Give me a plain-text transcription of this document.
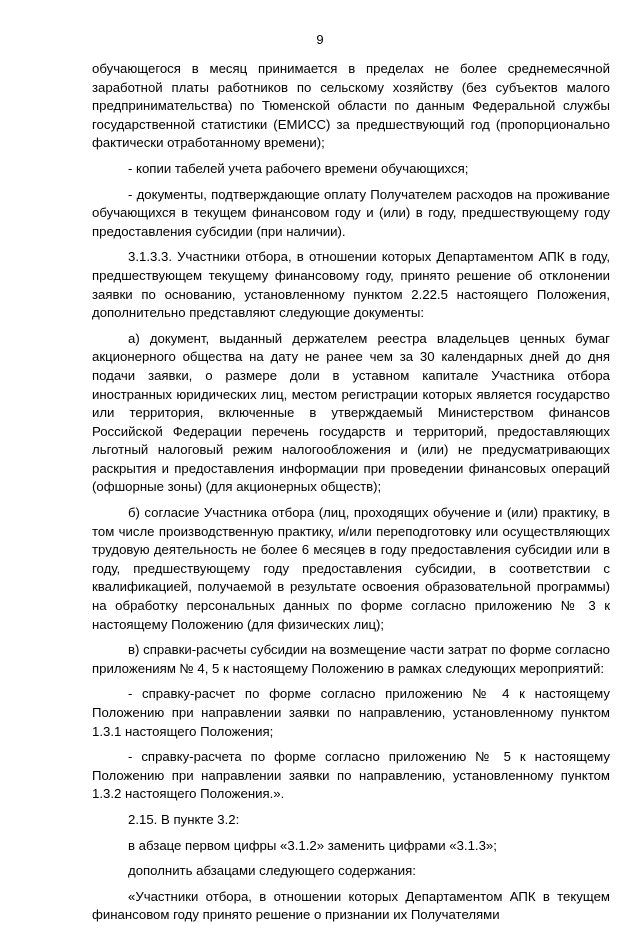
9

обучающегося в месяц принимается в пределах не более среднемесячной заработной платы работников по сельскому хозяйству (без субъектов малого предпринимательства) по Тюменской области по данным Федеральной службы государственной статистики (ЕМИСС) за предшествующий год (пропорционально фактически отработанному времени);

- копии табелей учета рабочего времени обучающихся;

- документы, подтверждающие оплату Получателем расходов на проживание обучающихся в текущем финансовом году и (или) в году, предшествующему году предоставления субсидии (при наличии).

3.1.3.3. Участники отбора, в отношении которых Департаментом АПК в году, предшествующем текущему финансовому году, принято решение об отклонении заявки по основанию, установленному пунктом 2.22.5 настоящего Положения, дополнительно представляют следующие документы:

а) документ, выданный держателем реестра владельцев ценных бумаг акционерного общества на дату не ранее чем за 30 календарных дней до дня подачи заявки, о размере доли в уставном капитале Участника отбора иностранных юридических лиц, местом регистрации которых является государство или территория, включенные в утверждаемый Министерством финансов Российской Федерации перечень государств и территорий, предоставляющих льготный налоговый режим налогообложения и (или) не предусматривающих раскрытия и предоставления информации при проведении финансовых операций (офшорные зоны) (для акционерных обществ);

б) согласие Участника отбора (лиц, проходящих обучение и (или) практику, в том числе производственную практику, и/или переподготовку или осуществляющих трудовую деятельность не более 6 месяцев в году предоставления субсидии или в году, предшествующему году предоставления субсидии, в соответствии с квалификацией, получаемой в результате освоения образовательной программы) на обработку персональных данных по форме согласно приложению № 3 к настоящему Положению (для физических лиц);

в) справки-расчеты субсидии на возмещение части затрат по форме согласно приложениям № 4, 5 к настоящему Положению в рамках следующих мероприятий:

- справку-расчет по форме согласно приложению № 4 к настоящему Положению при направлении заявки по направлению, установленному пунктом 1.3.1 настоящего Положения;

- справку-расчета по форме согласно приложению № 5 к настоящему Положению при направлении заявки по направлению, установленному пунктом 1.3.2 настоящего Положения.».

2.15. В пункте 3.2:

в абзаце первом цифры «3.1.2» заменить цифрами «3.1.3»;

дополнить абзацами следующего содержания:

«Участники отбора, в отношении которых Департаментом АПК в текущем финансовом году принято решение о признании их Получателями
